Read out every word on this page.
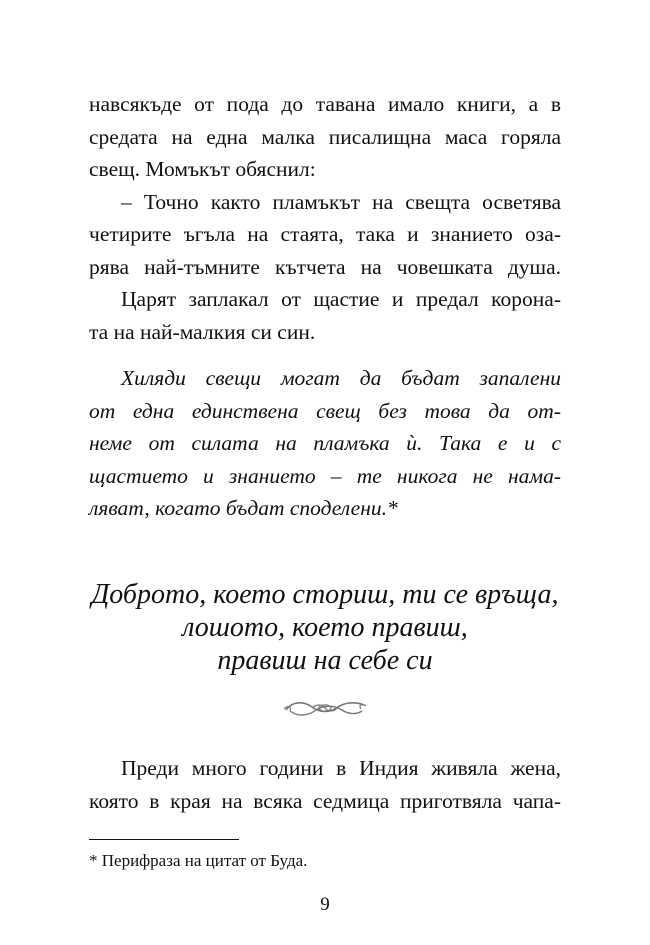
навсякъде от пода до тавана имало книги, а в
средата на една малка писалищна маса горяла
свещ. Момъкът обяснил:
– Точно както пламъкът на свещта осветява
четирите ъгъла на стаята, така и знанието оза-
рява най-тъмните кътчета на човешката душа.
Царят заплакал от щастие и предал корона-
та на най-малкия си син.
Хиляди свещи могат да бъдат запалени
от една единствена свещ без това да от-
неме от силата на пламъка ѝ. Така е и с
щастието и знанието – те никога не нама-
ляват, когато бъдат споделени.*
Доброто, което сториш, ти се връща,
лошото, което правиш,
правиш на себе си
Преди много години в Индия живяла жена,
която в края на всяка седмица приготвяла чапа-
* Перифраза на цитат от Буда.
9
